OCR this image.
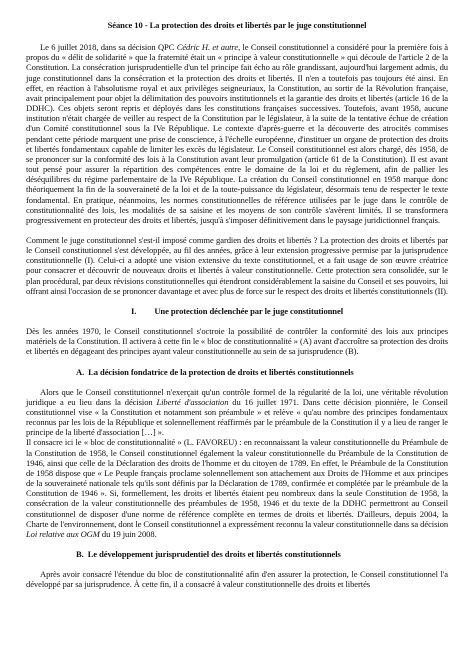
Séance 10 - La protection des droits et libertés par le juge constitutionnel

Le 6 juillet 2018, dans sa décision QPC Cédric H. et autre, le Conseil constitutionnel a considéré pour la première fois à propos du « délit de solidarité » que la fraternité était un « principe à valeur constitutionnelle » qui découle de l'article 2 de la Constitution. La consécration jurisprudentielle d'un tel principe fait écho au rôle grandissant, aujourd'hui largement admis, du juge constitutionnel dans la consécration et la protection des droits et libertés. Il n'en a toutefois pas toujours été ainsi. En effet, en réaction à l'absolutisme royal et aux privilèges seigneuriaux, la Constitution, au sortir de la Révolution française, avait principalement pour objet la délimitation des pouvoirs institutionnels et la garantie des droits et libertés (article 16 de la DDHC). Ces objets seront repris et déployés dans les constitutions françaises successives. Toutefois, avant 1958, aucune institution n'était chargée de veiller au respect de la Constitution par le législateur, à la suite de la tentative échue de création d'un Comité constitutionnel sous la IVe République. Le contexte d'après-guerre et la découverte des atrocités commises pendant cette période marquent une prise de conscience, à l'échelle européenne, d'instituer un organe de protection des droits et libertés fondamentaux capable de limiter les excès du législateur. Le Conseil constitutionnel est alors chargé, dès 1958, de se prononcer sur la conformité des lois à la Constitution avant leur promulgation (article 61 de la Constitution). Il est avant tout pensé pour assurer la répartition des compétences entre le domaine de la loi et du règlement, afin de pallier les déséquilibres du régime parlementaire de la IVe République. La création du Conseil constitutionnel en 1958 marque donc théoriquement la fin de la souveraineté de la loi et de la toute-puissance du législateur, désormais tenu de respecter le texte fondamental. En pratique, néanmoins, les normes constitutionnelles de référence utilisées par le juge dans le contrôle de constitutionnalité des lois, les modalités de sa saisine et les moyens de son contrôle s'avèrent limités. Il se transformera progressivement en protecteur des droits et libertés, jusqu'à s'imposer définitivement dans le paysage juridictionnel français.

Comment le juge constitutionnel s'est-il imposé comme gardien des droits et libertés ? La protection des droits et libertés par le Conseil constitutionnel s'est développée, au fil des années, grâce à leur extension progressive permise par la jurisprudence constitutionnelle (I). Celui-ci a adopté une vision extensive du texte constitutionnel, et a fait usage de son œuvre créatrice pour consacrer et découvrir de nouveaux droits et libertés à valeur constitutionnelle. Cette protection sera consolidée, sur le plan procédural, par deux révisions constitutionnelles qui étendront considérablement la saisine du Conseil et ses pouvoirs, lui offrant ainsi l'occasion de se prononcer davantage et avec plus de force sur le respect des droits et libertés constitutionnels (II).

I. Une protection déclenchée par le juge constitutionnel

Dès les années 1970, le Conseil constitutionnel s'octroie la possibilité de contrôler la conformité des lois aux principes matériels de la Constitution. Il activera à cette fin le « bloc de constitutionnalité » (A) avant d'accroître sa protection des droits et libertés en dégageant des principes ayant valeur constitutionnelle au sein de sa jurisprudence (B).

A. La décision fondatrice de la protection de droits et libertés constitutionnels

Alors que le Conseil constitutionnel n'exerçait qu'un contrôle formel de la régularité de la loi, une véritable révolution juridique a eu lieu dans la décision Liberté d'association du 16 juillet 1971. Dans cette décision pionnière, le Conseil constitutionnel vise « la Constitution et notamment son préambule » et relève « qu'au nombre des principes fondamentaux reconnus par les lois de la République et solennellement réaffirmés par le préambule de la Constitution il y a lieu de ranger le principe de la liberté d'association […] ».

Il consacre ici le « bloc de constitutionnalité » (L. FAVOREU) : en reconnaissant la valeur constitutionnelle du Préambule de la Constitution de 1958, le Conseil constitutionnel également la valeur constitutionnelle du Préambule de la Constitution de 1946, ainsi que celle de la Déclaration des droits de l'homme et du citoyen de 1789. En effet, le Préambule de la Constitution de 1958 dispose que « Le Peuple français proclame solennellement son attachement aux Droits de l'Homme et aux principes de la souveraineté nationale tels qu'ils sont définis par la Déclaration de 1789, confirmée et complétée par le préambule de la Constitution de 1946 ». Si, formellement, les droits et libertés étaient peu nombreux dans la seule Constitution de 1958, la consécration de la valeur constitutionnelle des préambules de 1958, 1946 et du texte de la DDHC permettront au Conseil constitutionnel de disposer d'une norme de référence complète en termes de droits et libertés. D'ailleurs, depuis 2004, la Charte de l'environnement, dont le Conseil constitutionnel a expressément reconnu la valeur constitutionnelle dans sa décision Loi relative aux OGM du 19 juin 2008.

B. Le développement jurisprudentiel des droits et libertés constitutionnels

Après avoir consacré l'étendue du bloc de constitutionnalité afin d'en assurer la protection, le Conseil constitutionnel l'a développé par sa jurisprudence. À cette fin, il a consacré à valeur constitutionnelle des droits et libertés
